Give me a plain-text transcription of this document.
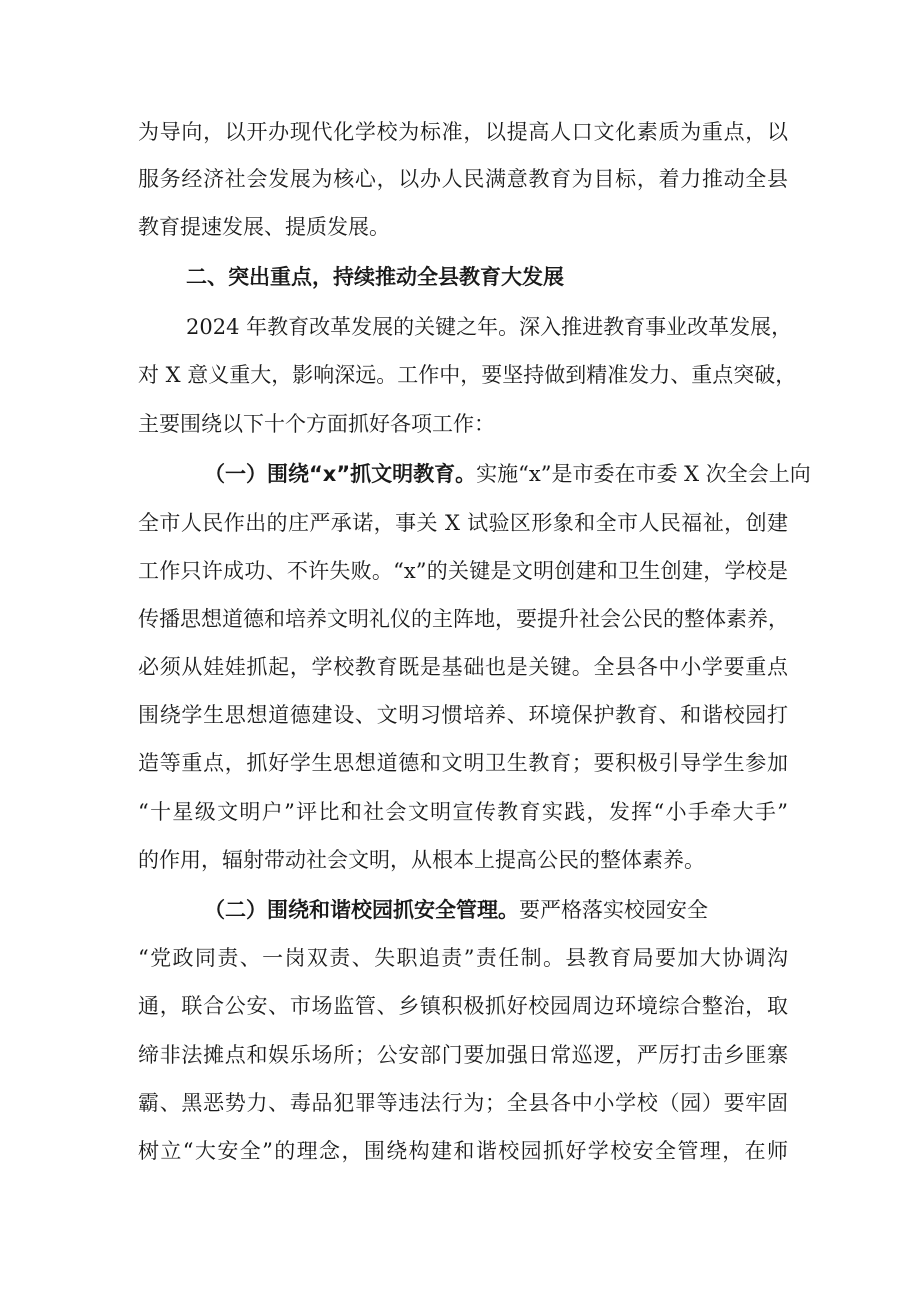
为导向，以开办现代化学校为标准，以提高人口文化素质为重点，以
服务经济社会发展为核心，以办人民满意教育为目标，着力推动全县
教育提速发展、提质发展。
二、突出重点，持续推动全县教育大发展
2024 年教育改革发展的关键之年。深入推进教育事业改革发展，
对 X 意义重大，影响深远。工作中，要坚持做到精准发力、重点突破，
主要围绕以下十个方面抓好各项工作：
（一）围绕“x”抓文明教育。实施“x”是市委在市委 X 次全会上向
全市人民作出的庄严承诺，事关 X 试验区形象和全市人民福祉，创建
工作只许成功、不许失败。“x”的关键是文明创建和卫生创建，学校是
传播思想道德和培养文明礼仪的主阵地，要提升社会公民的整体素养，
必须从娃娃抓起，学校教育既是基础也是关键。全县各中小学要重点
围绕学生思想道德建设、文明习惯培养、环境保护教育、和谐校园打
造等重点，抓好学生思想道德和文明卫生教育；要积极引导学生参加
“十星级文明户”评比和社会文明宣传教育实践，发挥“小手牵大手”
的作用，辐射带动社会文明，从根本上提高公民的整体素养。
（二）围绕和谐校园抓安全管理。要严格落实校园安全
“党政同责、一岗双责、失职追责”责任制。县教育局要加大协调沟
通，联合公安、市场监管、乡镇积极抓好校园周边环境综合整治，取
缔非法摊点和娱乐场所；公安部门要加强日常巡逻，严厉打击乡匪寨
霸、黑恶势力、毒品犯罪等违法行为；全县各中小学校（园）要牢固
树立“大安全”的理念，围绕构建和谐校园抓好学校安全管理，在师
